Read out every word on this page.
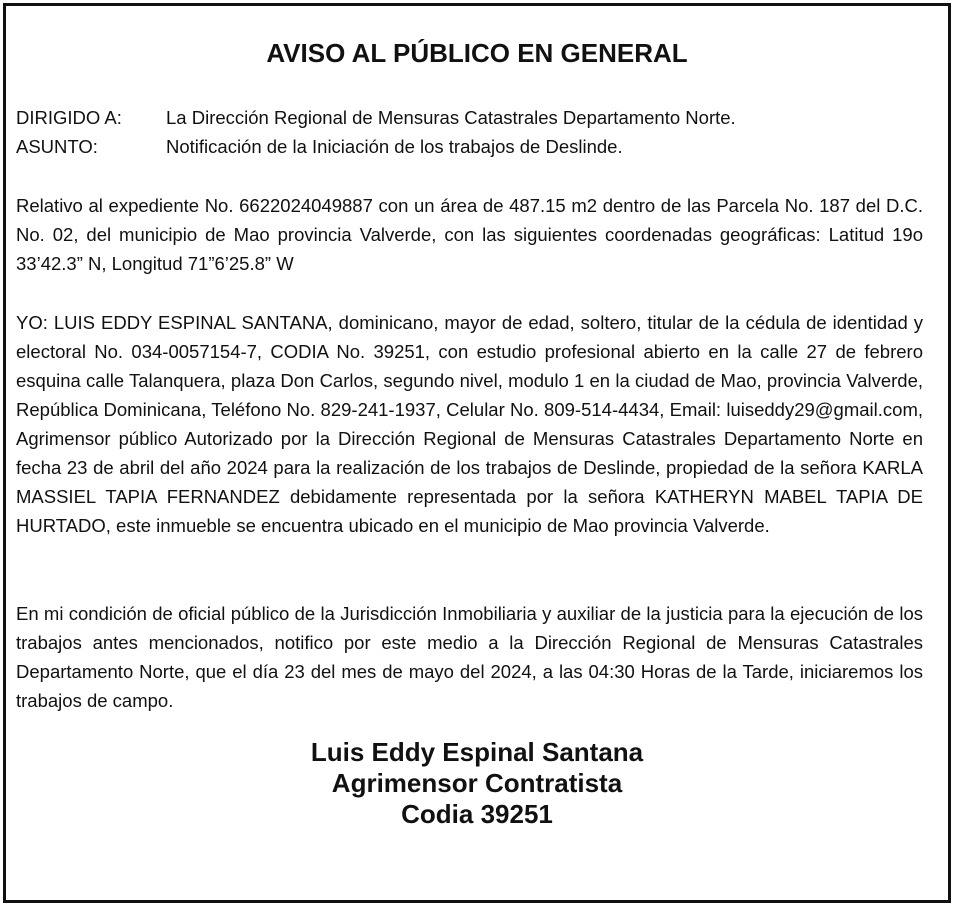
AVISO AL PÚBLICO EN GENERAL
DIRIGIDO A:	La Dirección Regional de Mensuras Catastrales Departamento Norte.
ASUNTO:	Notificación de la Iniciación de los trabajos de Deslinde.
Relativo al expediente No. 6622024049887 con un área de 487.15 m2 dentro de las Parcela No. 187 del D.C. No. 02, del municipio de Mao provincia Valverde, con las siguientes coordenadas geográficas: Latitud 19o 33’42.3” N, Longitud 71”6’25.8” W
YO: LUIS EDDY ESPINAL SANTANA, dominicano, mayor de edad, soltero, titular de la cédula de identidad y electoral No. 034-0057154-7, CODIA No. 39251, con estudio profesional abierto en la calle 27 de febrero esquina calle Talanquera, plaza Don Carlos, segundo nivel, modulo 1 en la ciudad de Mao, provincia Valverde, República Dominicana, Teléfono No. 829-241-1937, Celular No. 809-514-4434, Email: luiseddy29@gmail.com, Agrimensor público Autorizado por la Dirección Regional de Mensuras Catastrales Departamento Norte en fecha 23 de abril del año 2024 para la realización de los trabajos de Deslinde, propiedad de la señora KARLA MASSIEL TAPIA FERNANDEZ debidamente representada por la señora KATHERYN MABEL TAPIA DE HURTADO, este inmueble se encuentra ubicado en el municipio de Mao provincia Valverde.
En mi condición de oficial público de la Jurisdicción Inmobiliaria y auxiliar de la justicia para la ejecución de los trabajos antes mencionados, notifico por este medio a la Dirección Regional de Mensuras Catastrales Departamento Norte, que el día 23 del mes de mayo del 2024, a las 04:30 Horas de la Tarde, iniciaremos los trabajos de campo.
Luis Eddy Espinal Santana
Agrimensor Contratista
Codia 39251
